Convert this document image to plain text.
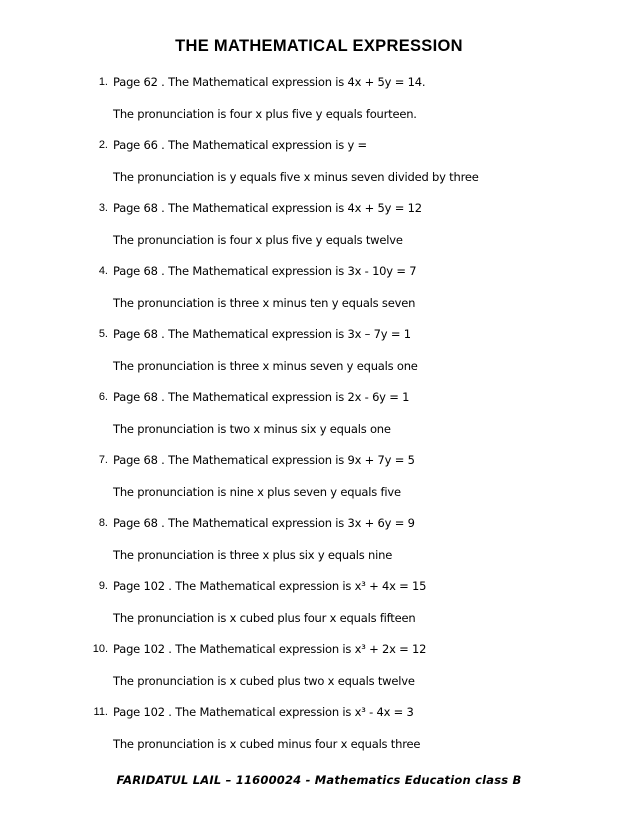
THE MATHEMATICAL EXPRESSION
1. Page 62 . The Mathematical expression is 4x + 5y = 14.
The pronunciation is four x plus five y equals fourteen.
2. Page 66 . The Mathematical expression is y =
The pronunciation is y equals five x minus seven divided by three
3. Page 68 . The Mathematical expression is 4x + 5y = 12
The pronunciation is four x plus five y equals twelve
4. Page 68 . The Mathematical expression is 3x - 10y = 7
The pronunciation is three x minus ten y equals seven
5. Page 68 . The Mathematical expression is 3x – 7y = 1
The pronunciation is three x minus seven y equals one
6. Page 68 . The Mathematical expression is 2x - 6y = 1
The pronunciation is two x minus six y equals one
7. Page 68 . The Mathematical expression is 9x + 7y = 5
The pronunciation is nine x plus seven y equals five
8. Page 68 . The Mathematical expression is 3x + 6y = 9
The pronunciation is three x plus six y equals nine
9. Page 102 . The Mathematical expression is x³ + 4x = 15
The pronunciation is x cubed plus four x equals fifteen
10. Page 102 . The Mathematical expression is x³ + 2x = 12
The pronunciation is x cubed plus two x equals twelve
11. Page 102 . The Mathematical expression is x³ - 4x = 3
The pronunciation is x cubed minus four x equals three
FARIDATUL LAIL – 11600024 - Mathematics Education class B
